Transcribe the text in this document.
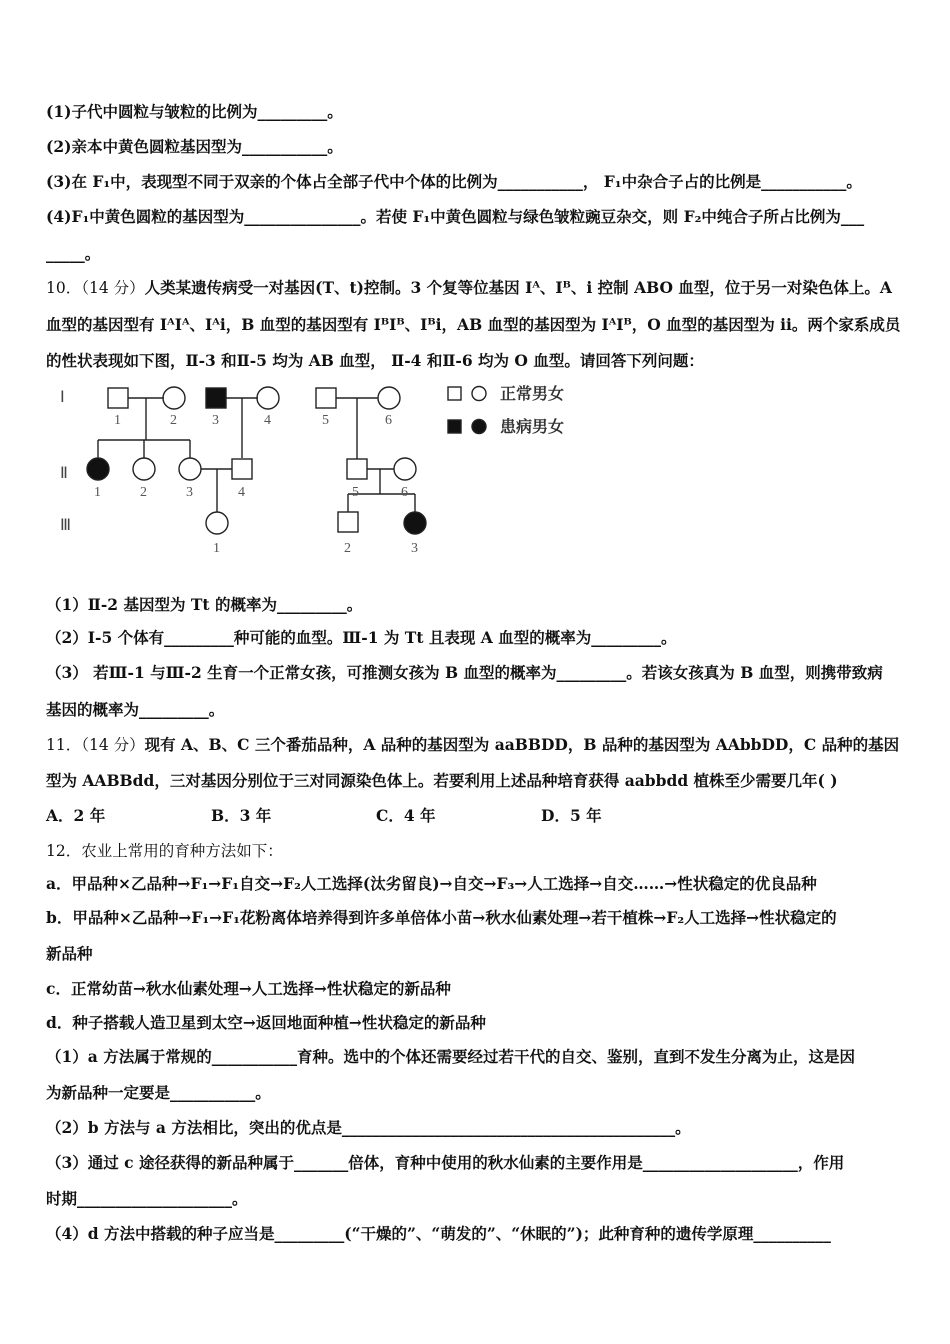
(1)子代中圆粒与皱粒的比例为_________。
(2)亲本中黄色圆粒基因型为___________。
(3)在 F₁中，表现型不同于双亲的个体占全部子代中个体的比例为___________， F₁中杂合子占的比例是___________。
(4)F₁中黄色圆粒的基因型为_______________。若使 F₁中黄色圆粒与绿色皱粒豌豆杂交，则 F₂中纯合子所占比例为___
_____。
10．（14 分）人类某遗传病受一对基因(T、t)控制。3 个复等位基因 Iᴬ、Iᴮ、i 控制 ABO 血型，位于另一对染色体上。A
血型的基因型有 IᴬIᴬ、Iᴬi，B 血型的基因型有 IᴮIᴮ、Iᴮi，AB 血型的基因型为 IᴬIᴮ，O 血型的基因型为 ii。两个家系成员
的性状表现如下图，Ⅱ-3 和Ⅱ-5 均为 AB 血型， Ⅱ-4 和Ⅱ-6 均为 O 血型。请回答下列问题：
Ⅰ
Ⅱ
Ⅲ
1	2	3	4	5	6
1	2	3	4	5	6
1	2	3
正常男女
患病男女
（1）Ⅱ-2 基因型为 Tt 的概率为_________。
（2）Ⅰ-5 个体有_________种可能的血型。Ⅲ-1 为 Tt 且表现 A 血型的概率为_________。
（3） 若Ⅲ-1 与Ⅲ-2 生育一个正常女孩，可推测女孩为 B 血型的概率为_________。若该女孩真为 B 血型，则携带致病
基因的概率为_________。
11．（14 分）现有 A、B、C 三个番茄品种，A 品种的基因型为 aaBBDD，B 品种的基因型为 AAbbDD，C 品种的基因
型为 AABBdd，三对基因分别位于三对同源染色体上。若要利用上述品种培育获得 aabbdd 植株至少需要几年( )
A．2 年	B．3 年	C．4 年	D．5 年
12．农业上常用的育种方法如下：
a．甲品种×乙品种→F₁→F₁自交→F₂人工选择(汰劣留良)→自交→F₃→人工选择→自交……→性状稳定的优良品种
b．甲品种×乙品种→F₁→F₁花粉离体培养得到许多单倍体小苗→秋水仙素处理→若干植株→F₂人工选择→性状稳定的
新品种
c．正常幼苗→秋水仙素处理→人工选择→性状稳定的新品种
d．种子搭载人造卫星到太空→返回地面种植→性状稳定的新品种
（1）a 方法属于常规的___________育种。选中的个体还需要经过若干代的自交、鉴别，直到不发生分离为止，这是因
为新品种一定要是___________。
（2）b 方法与 a 方法相比，突出的优点是___________________________________________。
（3）通过 c 途径获得的新品种属于_______倍体，育种中使用的秋水仙素的主要作用是____________________，作用
时期____________________。
（4）d 方法中搭载的种子应当是_________(“干燥的”、“萌发的”、“休眠的”)；此种育种的遗传学原理__________
